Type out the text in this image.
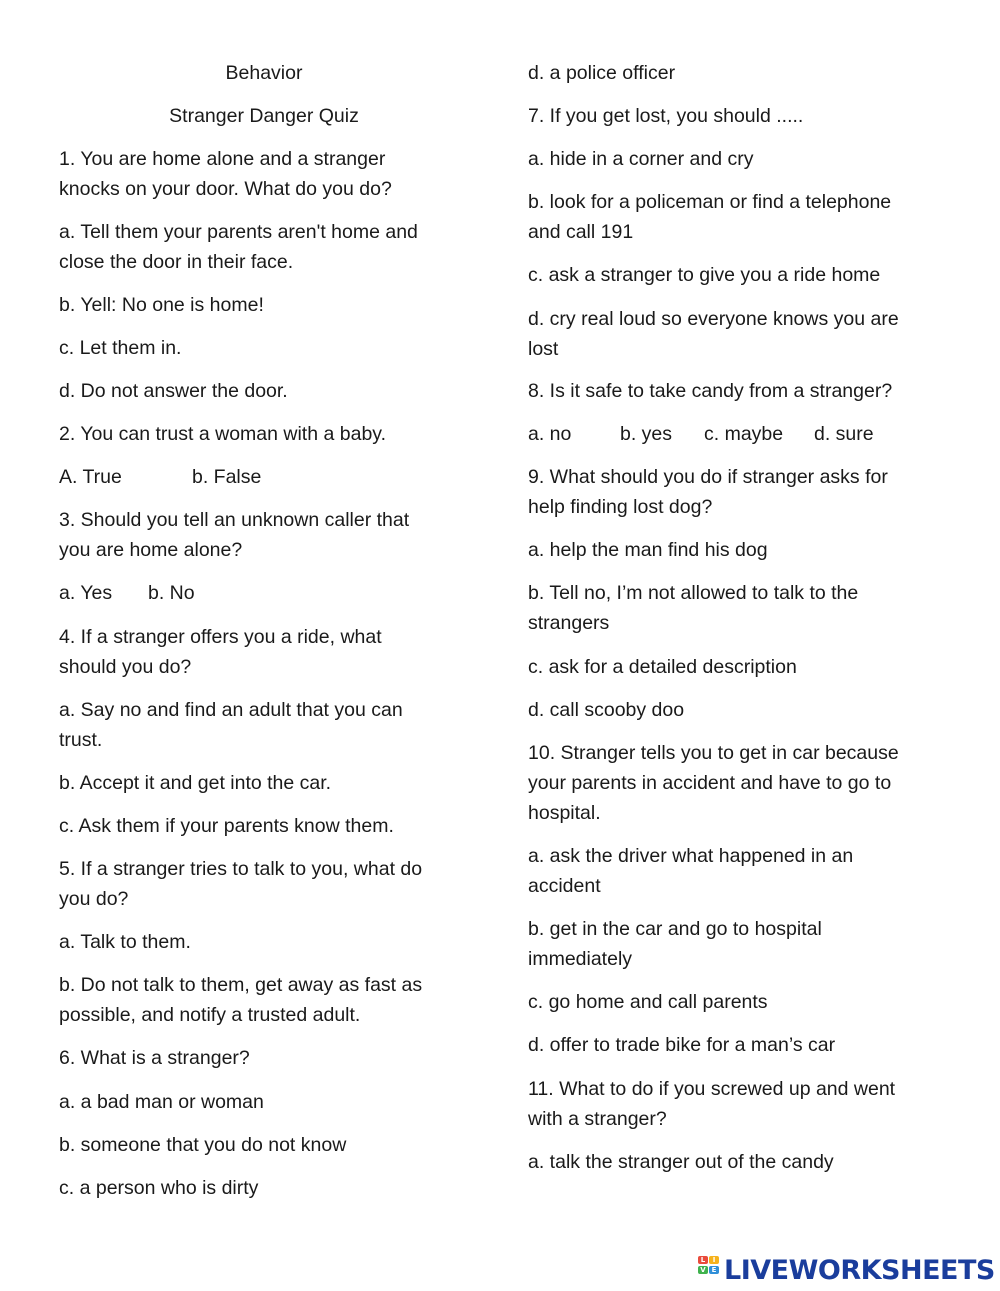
Behavior

Stranger Danger Quiz

1. You are home alone and a stranger

knocks on your door. What do you do?

a. Tell them your parents aren't home and

close the door in their face.

b. Yell: No one is home!

c. Let them in.

d. Do not answer the door.

2. You can trust a woman with a baby.

A. True	b. False

3. Should you tell an unknown caller that

you are home alone?

a. Yes b. No

4. If a stranger offers you a ride, what

should you do?

a. Say no and find an adult that you can

trust.

b. Accept it and get into the car.

c. Ask them if your parents know them.

5. If a stranger tries to talk to you, what do

you do?

a. Talk to them.

b. Do not talk to them, get away as fast as

possible, and notify a trusted adult.

6. What is a stranger?

a. a bad man or woman

b. someone that you do not know

c. a person who is dirty

d. a police officer

7. If you get lost, you should .....

a. hide in a corner and cry

b. look for a policeman or find a telephone

and call 191

c. ask a stranger to give you a ride home

d. cry real loud so everyone knows you are

lost

8. Is it safe to take candy from a stranger?

a. no b. yes c. maybe d. sure

9. What should you do if stranger asks for

help finding lost dog?

a. help the man find his dog

b. Tell no, I’m not allowed to talk to the

strangers

c. ask for a detailed description

d. call scooby doo

10. Stranger tells you to get in car because

your parents in accident and have to go to

hospital.

a. ask the driver what happened in an

accident

b. get in the car and go to hospital

immediately

c. go home and call parents

d. offer to trade bike for a man’s car

11. What to do if you screwed up and went

with a stranger?

a. talk the stranger out of the candy

L	I
V E LIVEWORKSHEETS
